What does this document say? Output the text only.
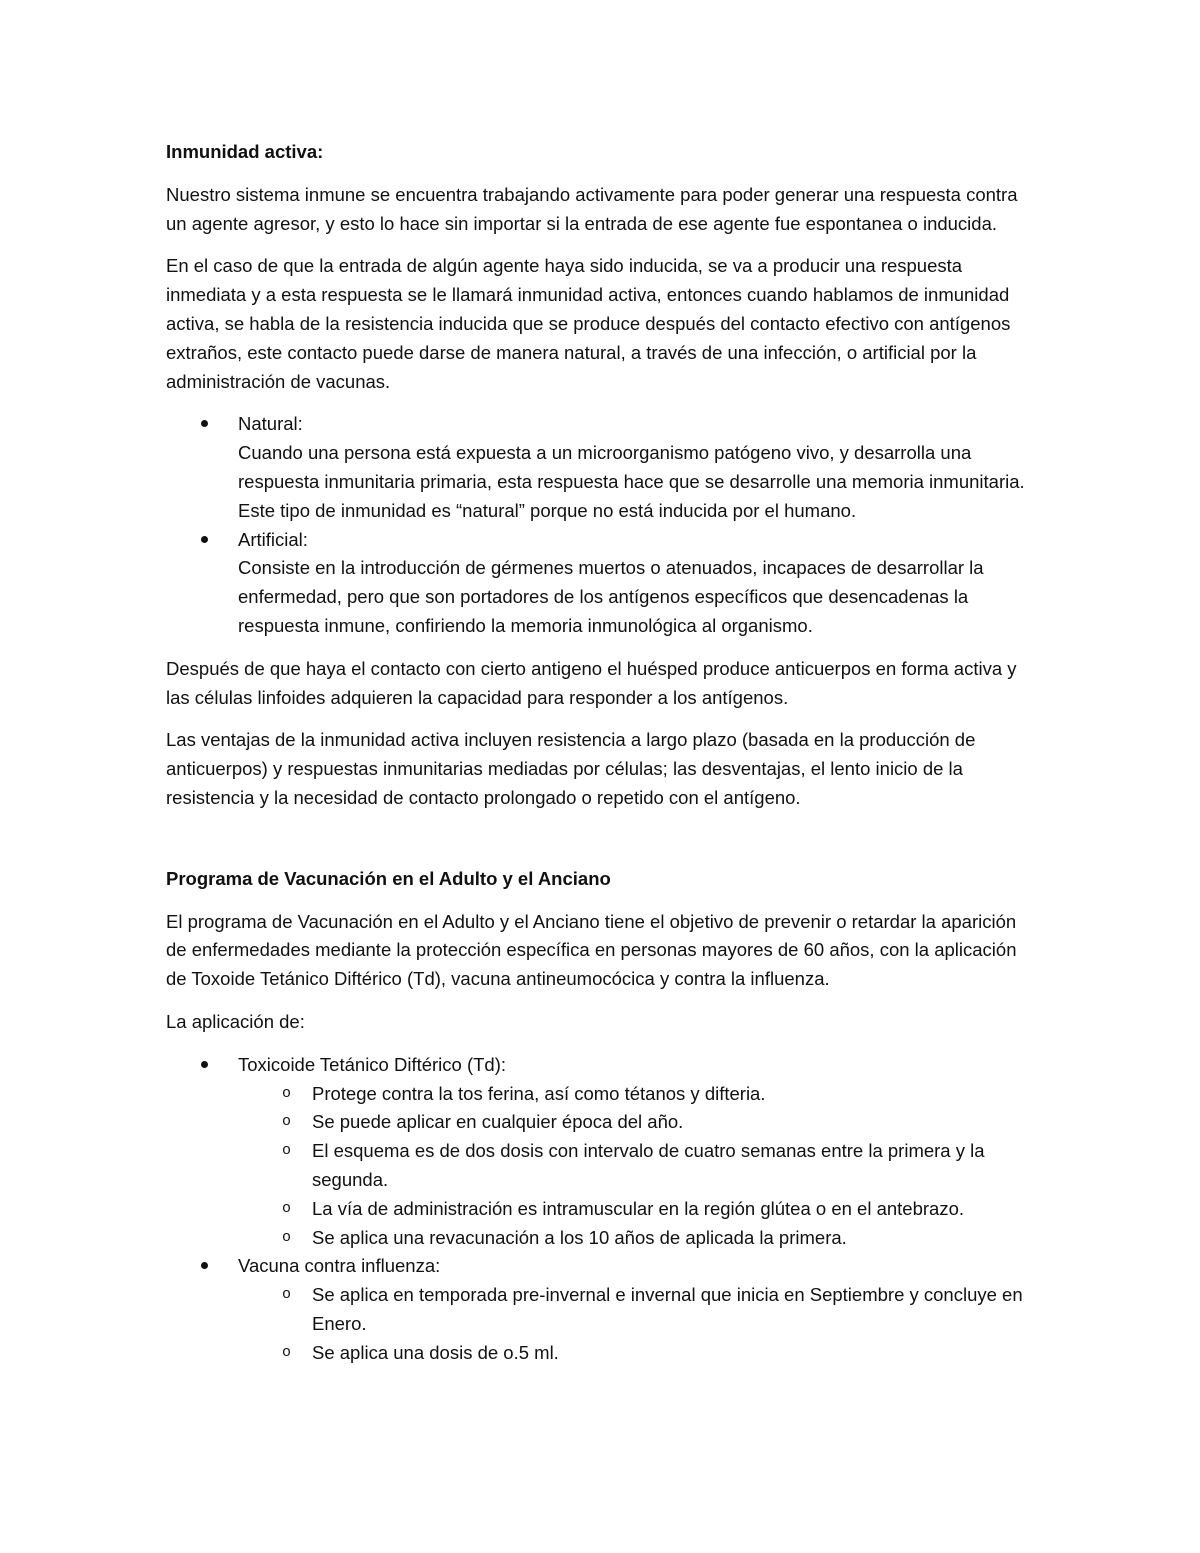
Inmunidad activa:

Nuestro sistema inmune se encuentra trabajando activamente para poder generar una respuesta contra un agente agresor, y esto lo hace sin importar si la entrada de ese agente fue espontanea o inducida.

En el caso de que la entrada de algún agente haya sido inducida, se va a producir una respuesta inmediata y a esta respuesta se le llamará inmunidad activa, entonces cuando hablamos de inmunidad activa, se habla de la resistencia inducida que se produce después del contacto efectivo con antígenos extraños, este contacto puede darse de manera natural, a través de una infección, o artificial por la administración de vacunas.

Natural:
Cuando una persona está expuesta a un microorganismo patógeno vivo, y desarrolla una respuesta inmunitaria primaria, esta respuesta hace que se desarrolle una memoria inmunitaria. Este tipo de inmunidad es “natural” porque no está inducida por el humano.
Artificial:
Consiste en la introducción de gérmenes muertos o atenuados, incapaces de desarrollar la enfermedad, pero que son portadores de los antígenos específicos que desencadenas la respuesta inmune, confiriendo la memoria inmunológica al organismo.

Después de que haya el contacto con cierto antigeno el huésped produce anticuerpos en forma activa y las células linfoides adquieren la capacidad para responder a los antígenos.

Las ventajas de la inmunidad activa incluyen resistencia a largo plazo (basada en la producción de anticuerpos) y respuestas inmunitarias mediadas por células; las desventajas, el lento inicio de la resistencia y la necesidad de contacto prolongado o repetido con el antígeno.

Programa de Vacunación en el Adulto y el Anciano

El programa de Vacunación en el Adulto y el Anciano tiene el objetivo de prevenir o retardar la aparición de enfermedades mediante la protección específica en personas mayores de 60 años, con la aplicación de Toxoide Tetánico Diftérico (Td), vacuna antineumocócica y contra la influenza.

La aplicación de:

Toxicoide Tetánico Diftérico (Td):
o Protege contra la tos ferina, así como tétanos y difteria.
o Se puede aplicar en cualquier época del año.
o El esquema es de dos dosis con intervalo de cuatro semanas entre la primera y la segunda.
o La vía de administración es intramuscular en la región glútea o en el antebrazo.
o Se aplica una revacunación a los 10 años de aplicada la primera.
Vacuna contra influenza:
o Se aplica en temporada pre-invernal e invernal que inicia en Septiembre y concluye en Enero.
o Se aplica una dosis de o.5 ml.
